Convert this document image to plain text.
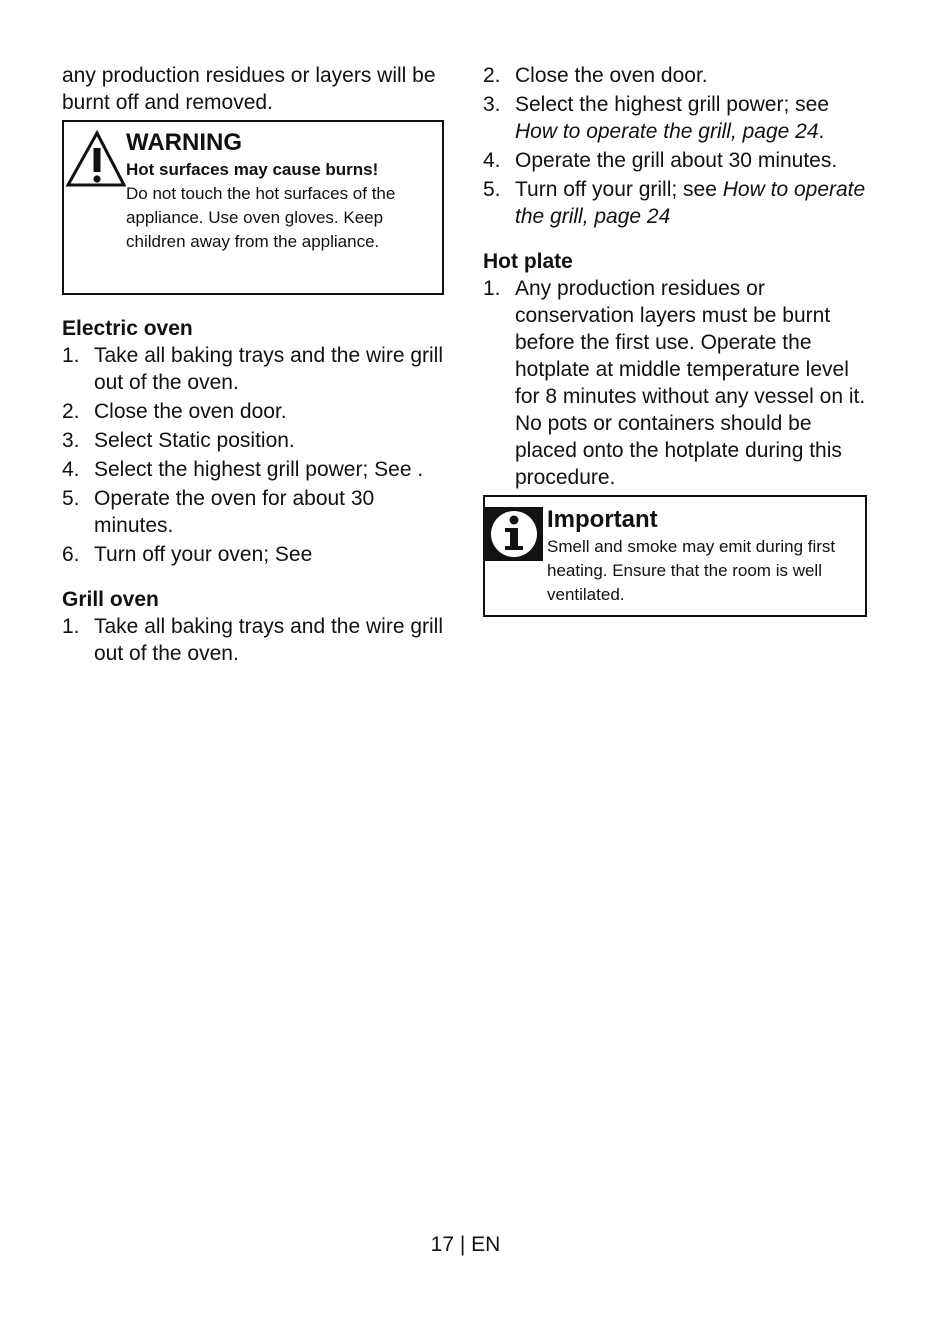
any production residues or layers will be burnt off and removed.

WARNING

Hot surfaces may cause burns!

Do not touch the hot surfaces of the appliance. Use oven gloves. Keep children away from the appliance.

Electric oven
1. Take all baking trays and the wire grill out of the oven.
2. Close the oven door.
3. Select Static position.
4. Select the highest grill power; See .
5. Operate the oven for about 30 minutes.
6. Turn off your oven; See
Grill oven
1. Take all baking trays and the wire grill out of the oven.
2. Close the oven door.
3. Select the highest grill power; see How to operate the grill, page 24.
4. Operate the grill about 30 minutes.
5. Turn off your grill; see How to operate the grill, page 24
Hot plate
1. Any production residues or conservation layers must be burnt before the first use. Operate the hotplate at middle temperature level for 8 minutes without any vessel on it. No pots or containers should be placed onto the hotplate during this procedure.

Important

Smell and smoke may emit during first heating. Ensure that the room is well ventilated.

17 | EN
